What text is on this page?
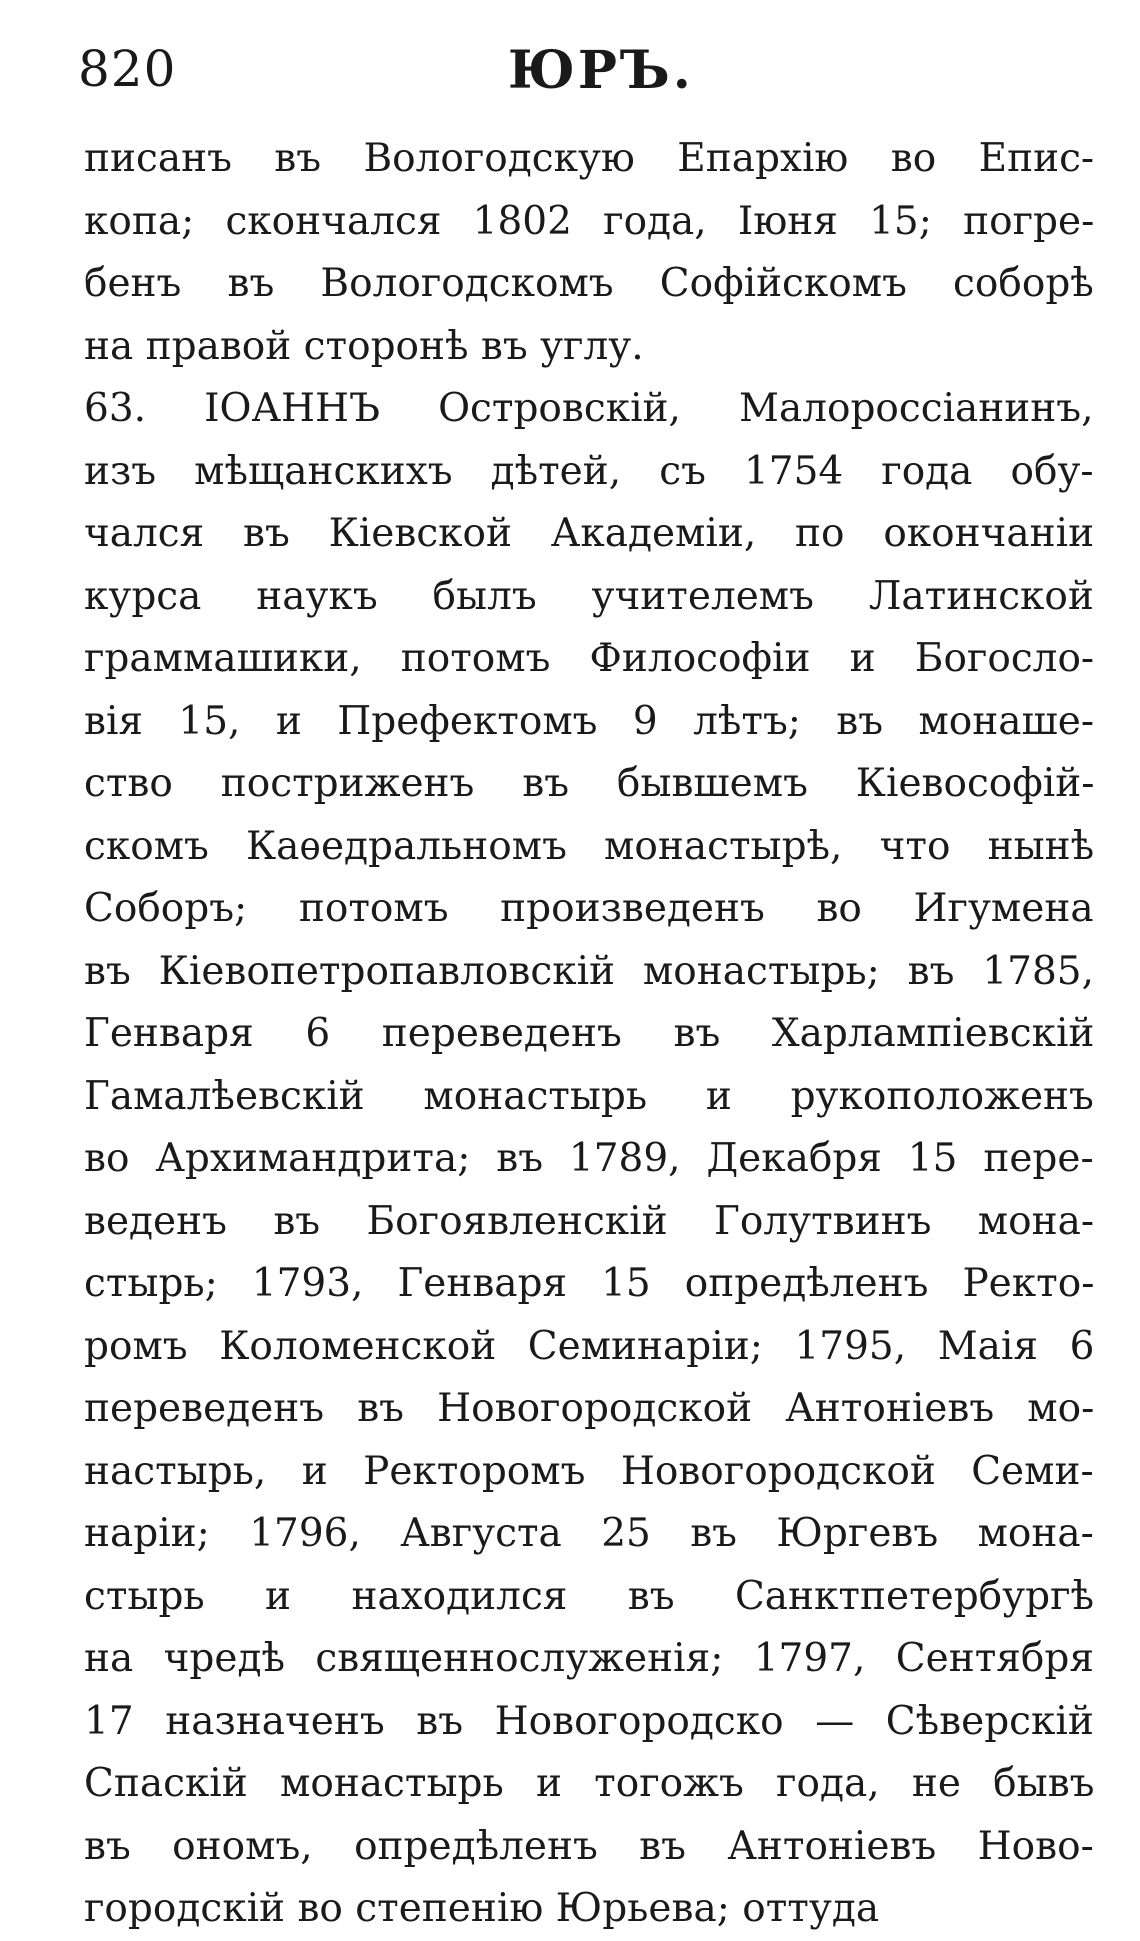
820	ЮРЪ.
писанъ въ Вологодскую Епархію во Епис-
копа; скончался 1802 года, Іюня 15; погре-
бенъ въ Вологодскомъ Софійскомъ соборѣ
на правой сторонѣ въ углу.
63. ІОАННЪ Островскій, Малороссіанинъ,
изъ мѣщанскихъ дѣтей, съ 1754 года обу-
чался въ Кіевской Академіи, по окончаніи
курса наукъ былъ учителемъ Латинской
граммашики, потомъ Философіи и Богосло-
вія 15, и Префектомъ 9 лѣтъ; въ монаше-
ство постриженъ въ бывшемъ Кіевософій-
скомъ Каѳедральномъ монастырѣ, что нынѣ
Соборъ; потомъ произведенъ во Игумена
въ Кіевопетропавловскій монастырь; въ 1785,
Генваря 6 переведенъ въ Харлампіевскій
Гамалѣевскій монастырь и рукоположенъ
во Архимандрита; въ 1789, Декабря 15 пере-
веденъ въ Богоявленскій Голутвинъ мона-
стырь; 1793, Генваря 15 опредѣленъ Ректо-
ромъ Коломенской Семинаріи; 1795, Маія 6
переведенъ въ Новогородской Антоніевъ мо-
настырь, и Ректоромъ Новогородской Семи-
наріи; 1796, Августа 25 въ Юргевъ мона-
стырь и находился въ Санктпетербургѣ
на чредѣ священнослуженія; 1797, Сентября
17 назначенъ въ Новогородско — Сѣверскій
Спаскій монастырь и тогожъ года, не бывъ
въ ономъ, опредѣленъ въ Антоніевъ Ново-
городскій во степенію Юрьева; оттуда
